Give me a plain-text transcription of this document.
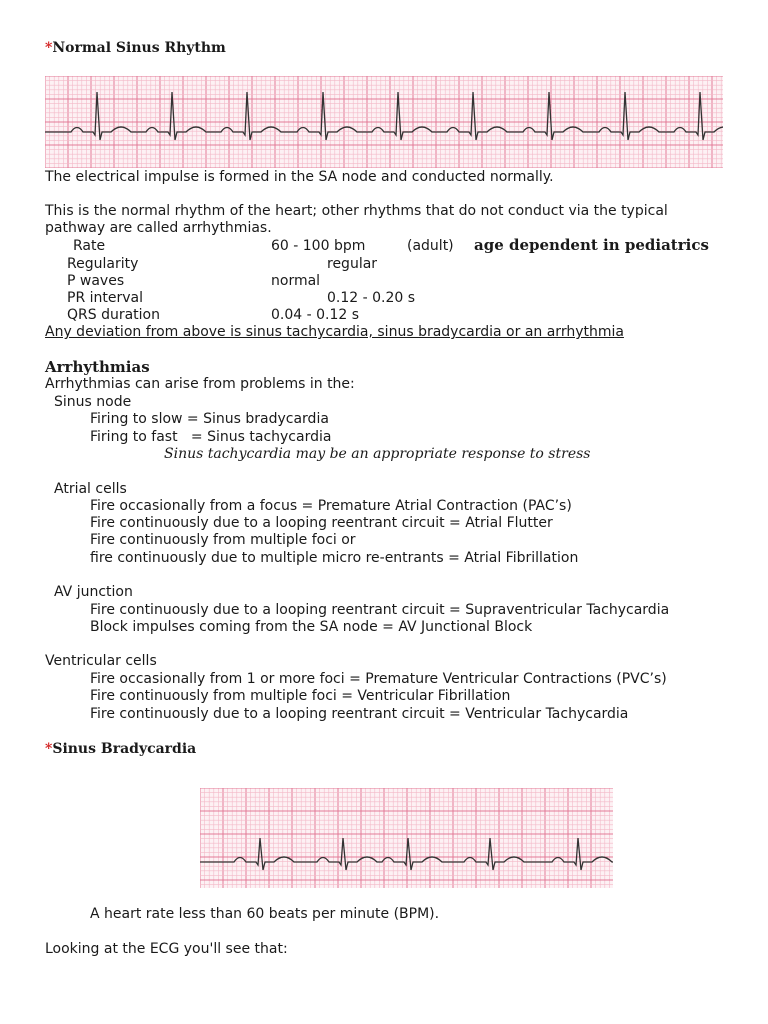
*Normal Sinus Rhythm
The electrical impulse is formed in the SA node and conducted normally.
This is the normal rhythm of the heart; other rhythms that do not conduct via the typical
pathway are called arrhythmias.
Rate	60 - 100 bpm	(adult) age dependent in pediatrics
Regularity	regular
P waves	normal
PR interval	0.12 - 0.20 s
QRS duration	0.04 - 0.12 s
Any deviation from above is sinus tachycardia, sinus bradycardia or an arrhythmia
Arrhythmias
Arrhythmias can arise from problems in the:
Sinus node
Firing to slow = Sinus bradycardia
Firing to fast   = Sinus tachycardia
Sinus tachycardia may be an appropriate response to stress
Atrial cells
Fire occasionally from a focus = Premature Atrial Contraction (PAC’s)
Fire continuously due to a looping reentrant circuit = Atrial Flutter
Fire continuously from multiple foci or
fire continuously due to multiple micro re-entrants = Atrial Fibrillation
AV junction
Fire continuously due to a looping reentrant circuit = Supraventricular Tachycardia
Block impulses coming from the SA node = AV Junctional Block
Ventricular cells
Fire occasionally from 1 or more foci = Premature Ventricular Contractions (PVC’s)
Fire continuously from multiple foci = Ventricular Fibrillation
Fire continuously due to a looping reentrant circuit = Ventricular Tachycardia
*Sinus Bradycardia
A heart rate less than 60 beats per minute (BPM).
Looking at the ECG you'll see that:
